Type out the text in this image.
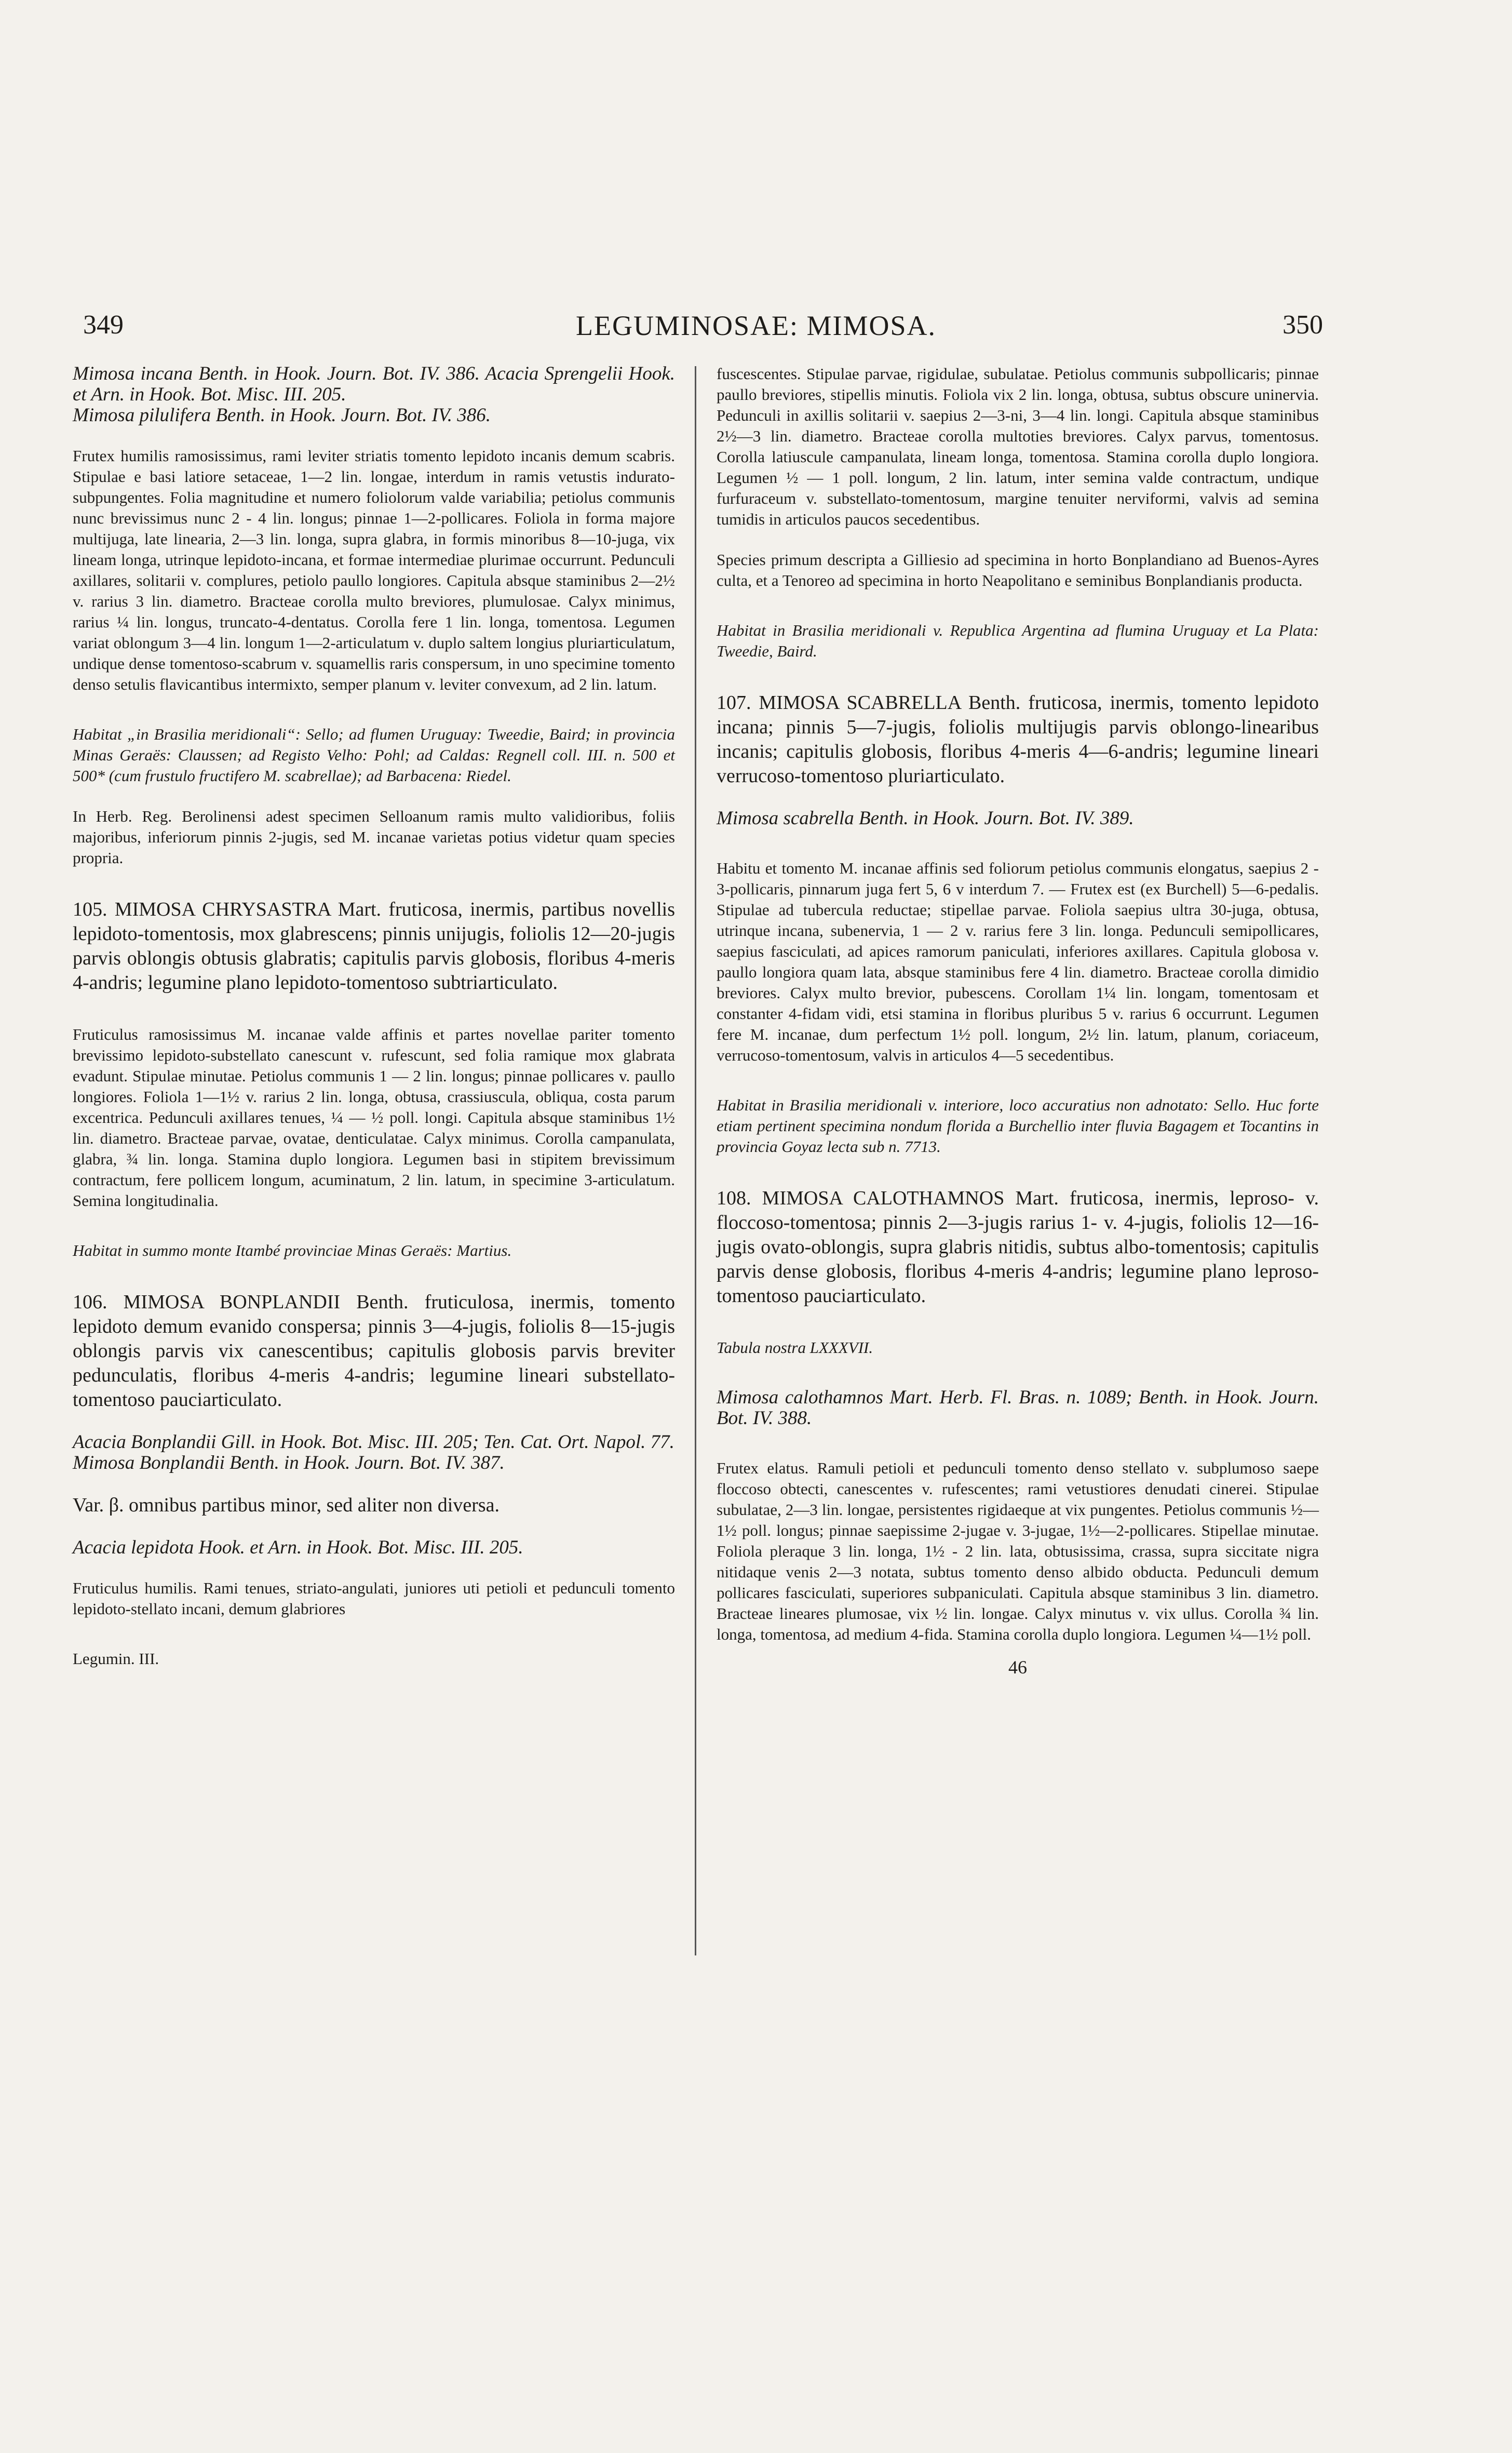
349	LEGUMINOSAE: MIMOSA.	350

Mimosa incana Benth. in Hook. Journ. Bot. IV. 386. Acacia Sprengelii Hook. et Arn. in Hook. Bot. Misc. III. 205.

Mimosa pilulifera Benth. in Hook. Journ. Bot. IV. 386.

Frutex humilis ramosissimus, rami leviter striatis tomento lepidoto incanis demum scabris. Stipulae e basi latiore setaceae, 1—2 lin. longae, interdum in ramis vetustis indurato-subpungentes. Folia magnitudine et numero foliolorum valde variabilia; petiolus communis nunc brevissimus nunc 2 - 4 lin. longus; pinnae 1—2-pollicares. Foliola in forma majore multijuga, late linearia, 2—3 lin. longa, supra glabra, in formis minoribus 8—10-juga, vix lineam longa, utrinque lepidoto-incana, et formae intermediae plurimae occurrunt. Pedunculi axillares, solitarii v. complures, petiolo paullo longiores. Capitula absque staminibus 2—2½ v. rarius 3 lin. diametro. Bracteae corolla multo breviores, plumulosae. Calyx minimus, rarius ¼ lin. longus, truncato-4-dentatus. Corolla fere 1 lin. longa, tomentosa. Legumen variat oblongum 3—4 lin. longum 1—2-articulatum v. duplo saltem longius pluriarticulatum, undique dense tomentoso-scabrum v. squamellis raris conspersum, in uno specimine tomento denso setulis flavicantibus intermixto, semper planum v. leviter convexum, ad 2 lin. latum.

Habitat „in Brasilia meridionali“: Sello; ad flumen Uruguay: Tweedie, Baird; in provincia Minas Geraës: Claussen; ad Registo Velho: Pohl; ad Caldas: Regnell coll. III. n. 500 et 500* (cum frustulo fructifero M. scabrellae); ad Barbacena: Riedel.

In Herb. Reg. Berolinensi adest specimen Selloanum ramis multo validioribus, foliis majoribus, inferiorum pinnis 2-jugis, sed M. incanae varietas potius videtur quam species propria.

105. MIMOSA CHRYSASTRA Mart. fruticosa, inermis, partibus novellis lepidoto-tomentosis, mox glabrescens; pinnis unijugis, foliolis 12—20-jugis parvis oblongis obtusis glabratis; capitulis parvis globosis, floribus 4-meris 4-andris; legumine plano lepidoto-tomentoso subtriarticulato.

Fruticulus ramosissimus M. incanae valde affinis et partes novellae pariter tomento brevissimo lepidoto-substellato canescunt v. rufescunt, sed folia ramique mox glabrata evadunt. Stipulae minutae. Petiolus communis 1 — 2 lin. longus; pinnae pollicares v. paullo longiores. Foliola 1—1½ v. rarius 2 lin. longa, obtusa, crassiuscula, obliqua, costa parum excentrica. Pedunculi axillares tenues, ¼ — ½ poll. longi. Capitula absque staminibus 1½ lin. diametro. Bracteae parvae, ovatae, denticulatae. Calyx minimus. Corolla campanulata, glabra, ¾ lin. longa. Stamina duplo longiora. Legumen basi in stipitem brevissimum contractum, fere pollicem longum, acuminatum, 2 lin. latum, in specimine 3-articulatum. Semina longitudinalia.

Habitat in summo monte Itambé provinciae Minas Geraës: Martius.

106. MIMOSA BONPLANDII Benth. fruticulosa, inermis, tomento lepidoto demum evanido conspersa; pinnis 3—4-jugis, foliolis 8—15-jugis oblongis parvis vix canescentibus; capitulis globosis parvis breviter pedunculatis, floribus 4-meris 4-andris; legumine lineari substellato-tomentoso pauciarticulato.

Acacia Bonplandii Gill. in Hook. Bot. Misc. III. 205; Ten. Cat. Ort. Napol. 77.

Mimosa Bonplandii Benth. in Hook. Journ. Bot. IV. 387.

Var. β. omnibus partibus minor, sed aliter non diversa.

Acacia lepidota Hook. et Arn. in Hook. Bot. Misc. III. 205.

Fruticulus humilis. Rami tenues, striato-angulati, juniores uti petioli et pedunculi tomento lepidoto-stellato incani, demum glabriores

Legumin. III.

fuscescentes. Stipulae parvae, rigidulae, subulatae. Petiolus communis subpollicaris; pinnae paullo breviores, stipellis minutis. Foliola vix 2 lin. longa, obtusa, subtus obscure uninervia. Pedunculi in axillis solitarii v. saepius 2—3-ni, 3—4 lin. longi. Capitula absque staminibus 2½—3 lin. diametro. Bracteae corolla multoties breviores. Calyx parvus, tomentosus. Corolla latiuscule campanulata, lineam longa, tomentosa. Stamina corolla duplo longiora. Legumen ½ — 1 poll. longum, 2 lin. latum, inter semina valde contractum, undique furfuraceum v. substellato-tomentosum, margine tenuiter nerviformi, valvis ad semina tumidis in articulos paucos secedentibus.

Species primum descripta a Gilliesio ad specimina in horto Bonplandiano ad Buenos-Ayres culta, et a Tenoreo ad specimina in horto Neapolitano e seminibus Bonplandianis producta.

Habitat in Brasilia meridionali v. Republica Argentina ad flumina Uruguay et La Plata: Tweedie, Baird.

107. MIMOSA SCABRELLA Benth. fruticosa, inermis, tomento lepidoto incana; pinnis 5—7-jugis, foliolis multijugis parvis oblongo-linearibus incanis; capitulis globosis, floribus 4-meris 4—6-andris; legumine lineari verrucoso-tomentoso pluriarticulato.

Mimosa scabrella Benth. in Hook. Journ. Bot. IV. 389.

Habitu et tomento M. incanae affinis sed foliorum petiolus communis elongatus, saepius 2 - 3-pollicaris, pinnarum juga fert 5, 6 v interdum 7. — Frutex est (ex Burchell) 5—6-pedalis. Stipulae ad tubercula reductae; stipellae parvae. Foliola saepius ultra 30-juga, obtusa, utrinque incana, subenervia, 1 — 2 v. rarius fere 3 lin. longa. Pedunculi semipollicares, saepius fasciculati, ad apices ramorum paniculati, inferiores axillares. Capitula globosa v. paullo longiora quam lata, absque staminibus fere 4 lin. diametro. Bracteae corolla dimidio breviores. Calyx multo brevior, pubescens. Corollam 1¼ lin. longam, tomentosam et constanter 4-fidam vidi, etsi stamina in floribus pluribus 5 v. rarius 6 occurrunt. Legumen fere M. incanae, dum perfectum 1½ poll. longum, 2½ lin. latum, planum, coriaceum, verrucoso-tomentosum, valvis in articulos 4—5 secedentibus.

Habitat in Brasilia meridionali v. interiore, loco accuratius non adnotato: Sello. Huc forte etiam pertinent specimina nondum florida a Burchellio inter fluvia Bagagem et Tocantins in provincia Goyaz lecta sub n. 7713.

108. MIMOSA CALOTHAMNOS Mart. fruticosa, inermis, leproso- v. floccoso-tomentosa; pinnis 2—3-jugis rarius 1- v. 4-jugis, foliolis 12—16-jugis ovato-oblongis, supra glabris nitidis, subtus albo-tomentosis; capitulis parvis dense globosis, floribus 4-meris 4-andris; legumine plano leproso-tomentoso pauciarticulato.

Tabula nostra LXXXVII.

Mimosa calothamnos Mart. Herb. Fl. Bras. n. 1089; Benth. in Hook. Journ. Bot. IV. 388.

Frutex elatus. Ramuli petioli et pedunculi tomento denso stellato v. subplumoso saepe floccoso obtecti, canescentes v. rufescentes; rami vetustiores denudati cinerei. Stipulae subulatae, 2—3 lin. longae, persistentes rigidaeque at vix pungentes. Petiolus communis ½—1½ poll. longus; pinnae saepissime 2-jugae v. 3-jugae, 1½—2-pollicares. Stipellae minutae. Foliola pleraque 3 lin. longa, 1½ - 2 lin. lata, obtusissima, crassa, supra siccitate nigra nitidaque venis 2—3 notata, subtus tomento denso albido obducta. Pedunculi demum pollicares fasciculati, superiores subpaniculati. Capitula absque staminibus 3 lin. diametro. Bracteae lineares plumosae, vix ½ lin. longae. Calyx minutus v. vix ullus. Corolla ¾ lin. longa, tomentosa, ad medium 4-fida. Stamina corolla duplo longiora. Legumen ¼—1½ poll.

46
